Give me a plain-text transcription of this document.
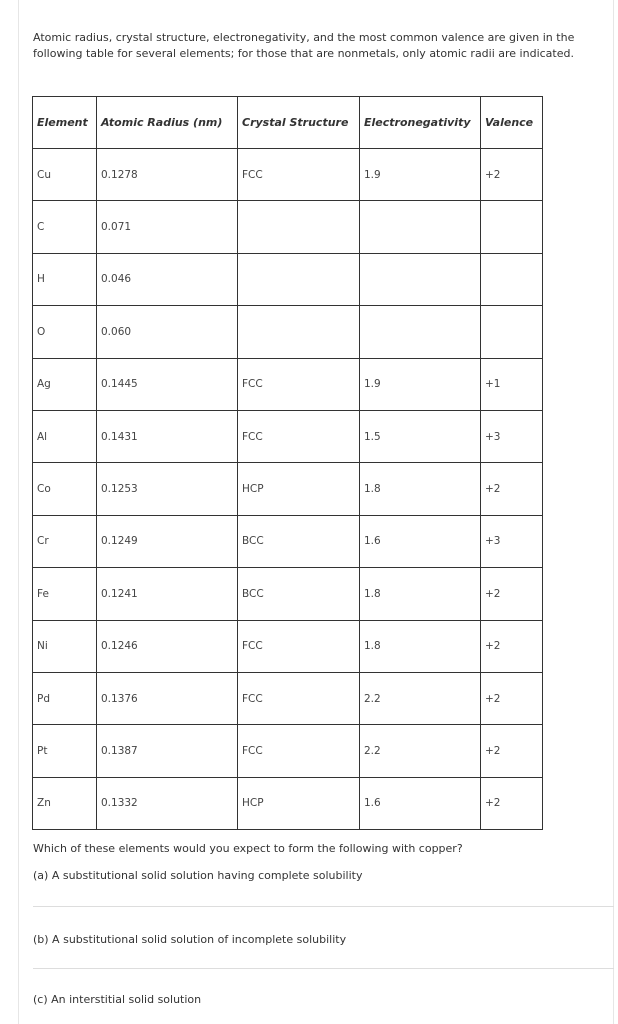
Atomic radius, crystal structure, electronegativity, and the most common valence are given in the following table for several elements; for those that are nonmetals, only atomic radii are indicated.
Element	Atomic Radius (nm)	Crystal Structure	Electronegativity	Valence
Cu	0.1278	FCC	1.9	+2
C	0.071			
H	0.046			
O	0.060			
Ag	0.1445	FCC	1.9	+1
Al	0.1431	FCC	1.5	+3
Co	0.1253	HCP	1.8	+2
Cr	0.1249	BCC	1.6	+3
Fe	0.1241	BCC	1.8	+2
Ni	0.1246	FCC	1.8	+2
Pd	0.1376	FCC	2.2	+2
Pt	0.1387	FCC	2.2	+2
Zn	0.1332	HCP	1.6	+2
Which of these elements would you expect to form the following with copper?
(a) A substitutional solid solution having complete solubility
(b) A substitutional solid solution of incomplete solubility
(c) An interstitial solid solution
